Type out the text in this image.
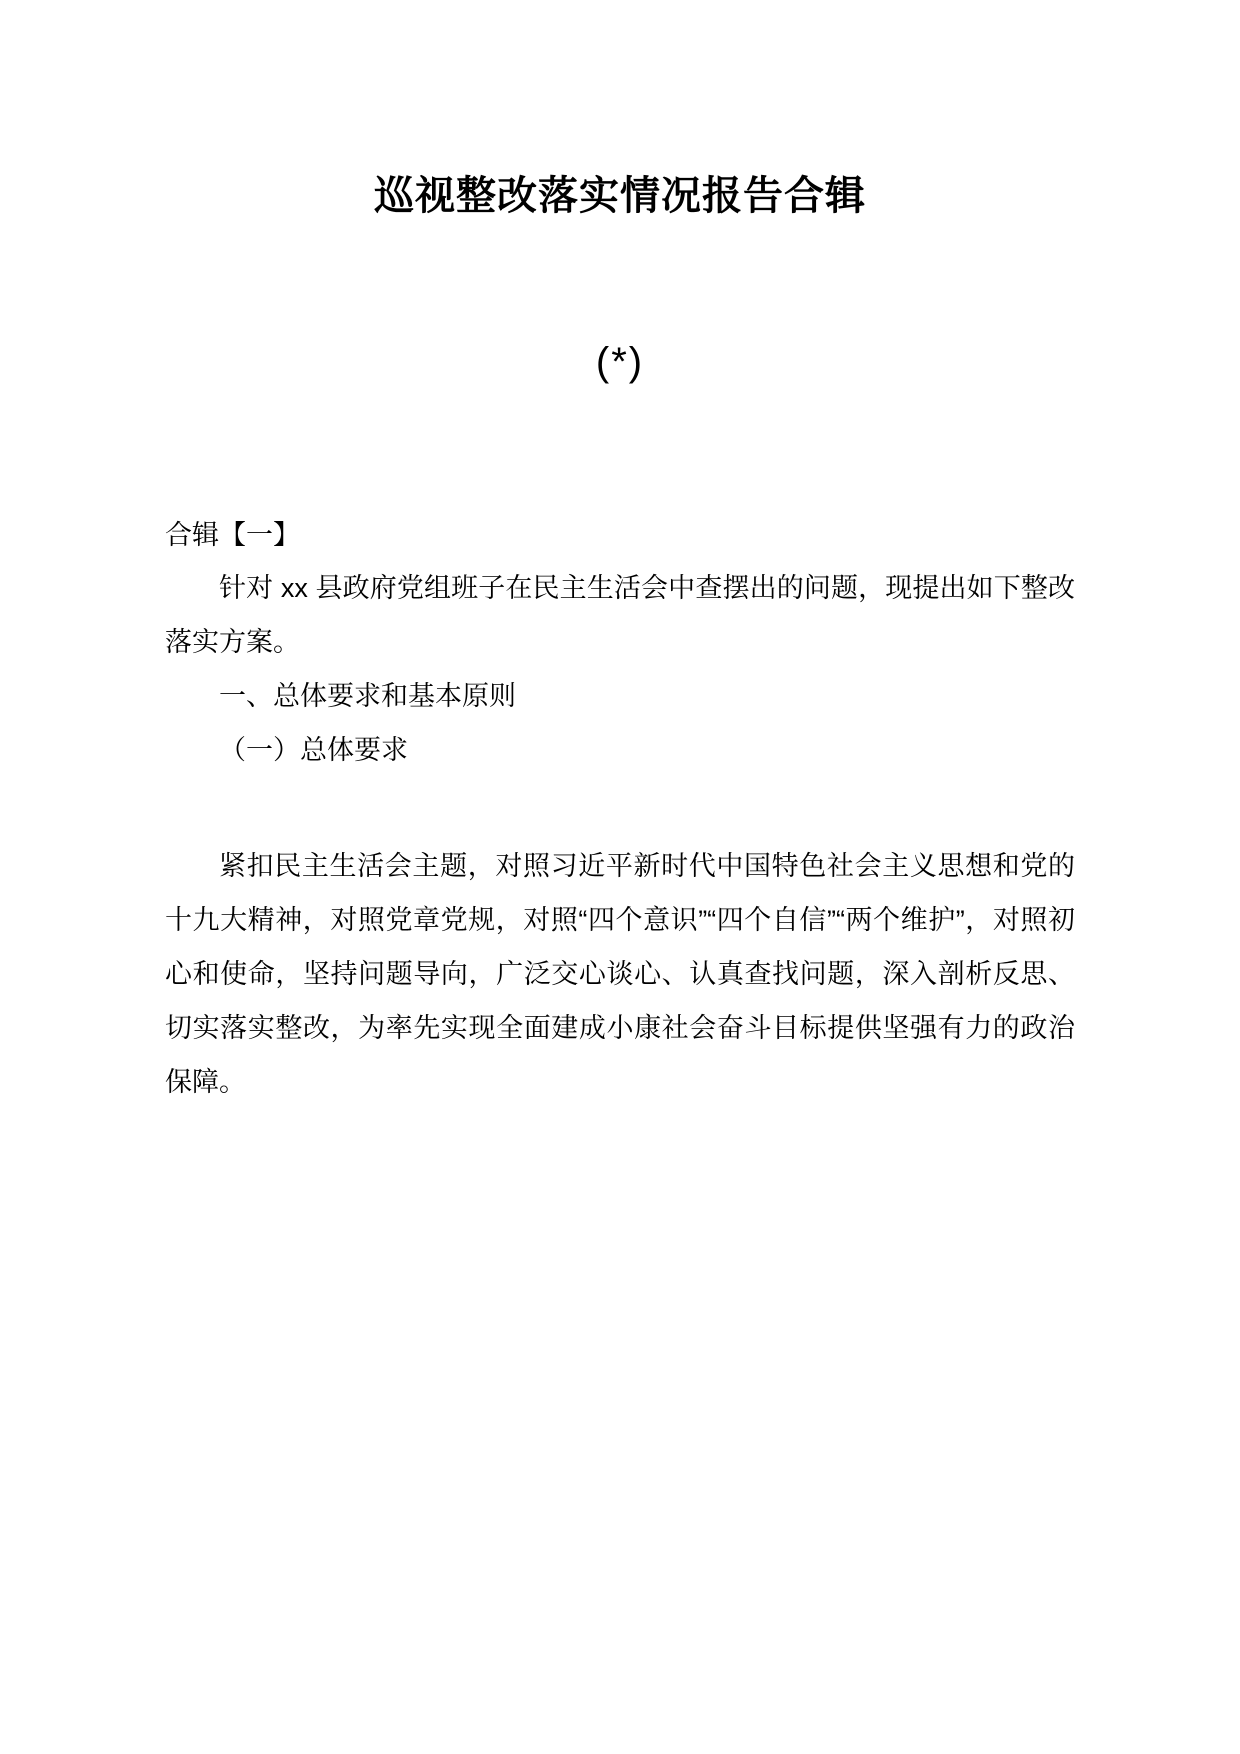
巡视整改落实情况报告合辑
(*)
合辑【一】

针对 xx 县政府党组班子在民主生活会中查摆出的问题，现提出如下整改落实方案。

一、总体要求和基本原则

（一）总体要求

紧扣民主生活会主题，对照习近平新时代中国特色社会主义思想和党的十九大精神，对照党章党规，对照“四个意识”“四个自信”“两个维护”，对照初心和使命，坚持问题导向，广泛交心谈心、认真查找问题，深入剖析反思、切实落实整改，为率先实现全面建成小康社会奋斗目标提供坚强有力的政治保障。
